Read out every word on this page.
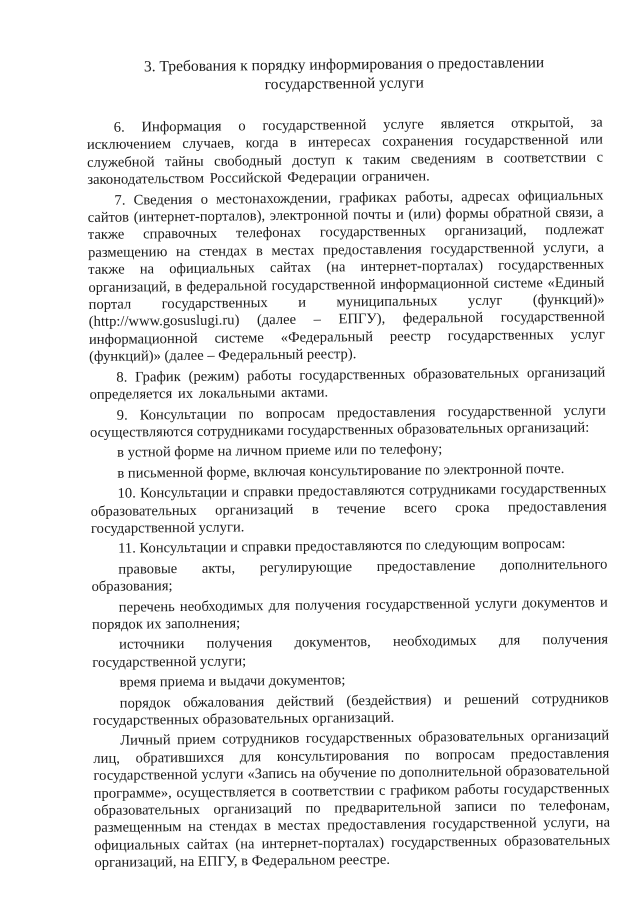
3. Требования к порядку информирования о предоставлении
государственной услуги

6. Информация о государственной услуге является открытой, за исключением случаев, когда в интересах сохранения государственной или служебной тайны свободный доступ к таким сведениям в соответствии с законодательством Российской Федерации ограничен.

7. Сведения о местонахождении, графиках работы, адресах официальных сайтов (интернет-порталов), электронной почты и (или) формы обратной связи, а также справочных телефонах государственных организаций, подлежат размещению на стендах в местах предоставления государственной услуги, а также на официальных сайтах (на интернет-порталах) государственных организаций, в федеральной государственной информационной системе «Единый портал государственных и муниципальных услуг (функций)» (http://www.gosuslugi.ru) (далее – ЕПГУ), федеральной государственной информационной системе «Федеральный реестр государственных услуг (функций)» (далее – Федеральный реестр).

8. График (режим) работы государственных образовательных организаций определяется их локальными актами.

9. Консультации по вопросам предоставления государственной услуги осуществляются сотрудниками государственных образовательных организаций:

в устной форме на личном приеме или по телефону;

в письменной форме, включая консультирование по электронной почте.

10. Консультации и справки предоставляются сотрудниками государственных образовательных организаций в течение всего срока предоставления государственной услуги.

11. Консультации и справки предоставляются по следующим вопросам:

правовые акты, регулирующие предоставление дополнительного образования;

перечень необходимых для получения государственной услуги документов и порядок их заполнения;

источники получения документов, необходимых для получения государственной услуги;

время приема и выдачи документов;

порядок обжалования действий (бездействия) и решений сотрудников государственных образовательных организаций.

Личный прием сотрудников государственных образовательных организаций лиц, обратившихся для консультирования по вопросам предоставления государственной услуги «Запись на обучение по дополнительной образовательной программе», осуществляется в соответствии с графиком работы государственных образовательных организаций по предварительной записи по телефонам, размещенным на стендах в местах предоставления государственной услуги, на официальных сайтах (на интернет-порталах) государственных образовательных организаций, на ЕПГУ, в Федеральном реестре.
